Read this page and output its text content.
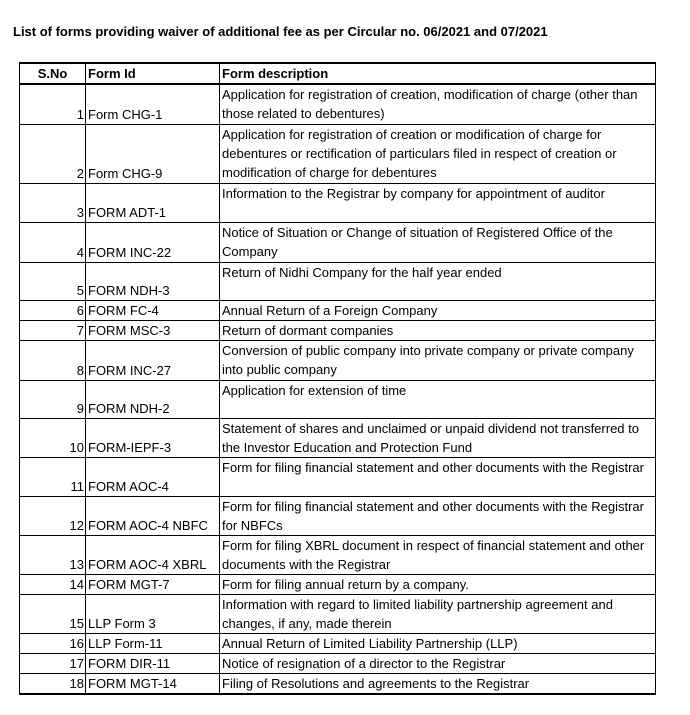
List of forms providing waiver of additional fee as per Circular no. 06/2021 and 07/2021
S.No	Form Id	Form description
1	Form CHG-1	Application for registration of creation, modification of charge (other than those related to debentures)
2	Form CHG-9	Application for registration of creation or modification of charge for debentures or rectification of particulars filed in respect of creation or modification of charge for debentures
3	FORM ADT-1	Information to the Registrar by company for appointment of auditor
4	FORM INC-22	Notice of Situation or Change of situation of Registered Office of the Company
5	FORM NDH-3	Return of Nidhi Company for the half year ended
6	FORM FC-4	Annual Return of a Foreign Company
7	FORM MSC-3	Return of dormant companies
8	FORM INC-27	Conversion of public company into private company or private company into public company
9	FORM NDH-2	Application for extension of time
10	FORM-IEPF-3	Statement of shares and unclaimed or unpaid dividend not transferred to the Investor Education and Protection Fund
11	FORM AOC-4	Form for filing financial statement and other documents with the Registrar
12	FORM AOC-4 NBFC	Form for filing financial statement and other documents with the Registrar for NBFCs
13	FORM AOC-4 XBRL	Form for filing XBRL document in respect of financial statement and other documents with the Registrar
14	FORM MGT-7	Form for filing annual return by a company.
15	LLP Form 3	Information with regard to limited liability partnership agreement and changes, if any, made therein
16	LLP Form-11	Annual Return of Limited Liability Partnership (LLP)
17	FORM DIR-11	Notice of resignation of a director to the Registrar
18	FORM MGT-14	Filing of Resolutions and agreements to the Registrar
